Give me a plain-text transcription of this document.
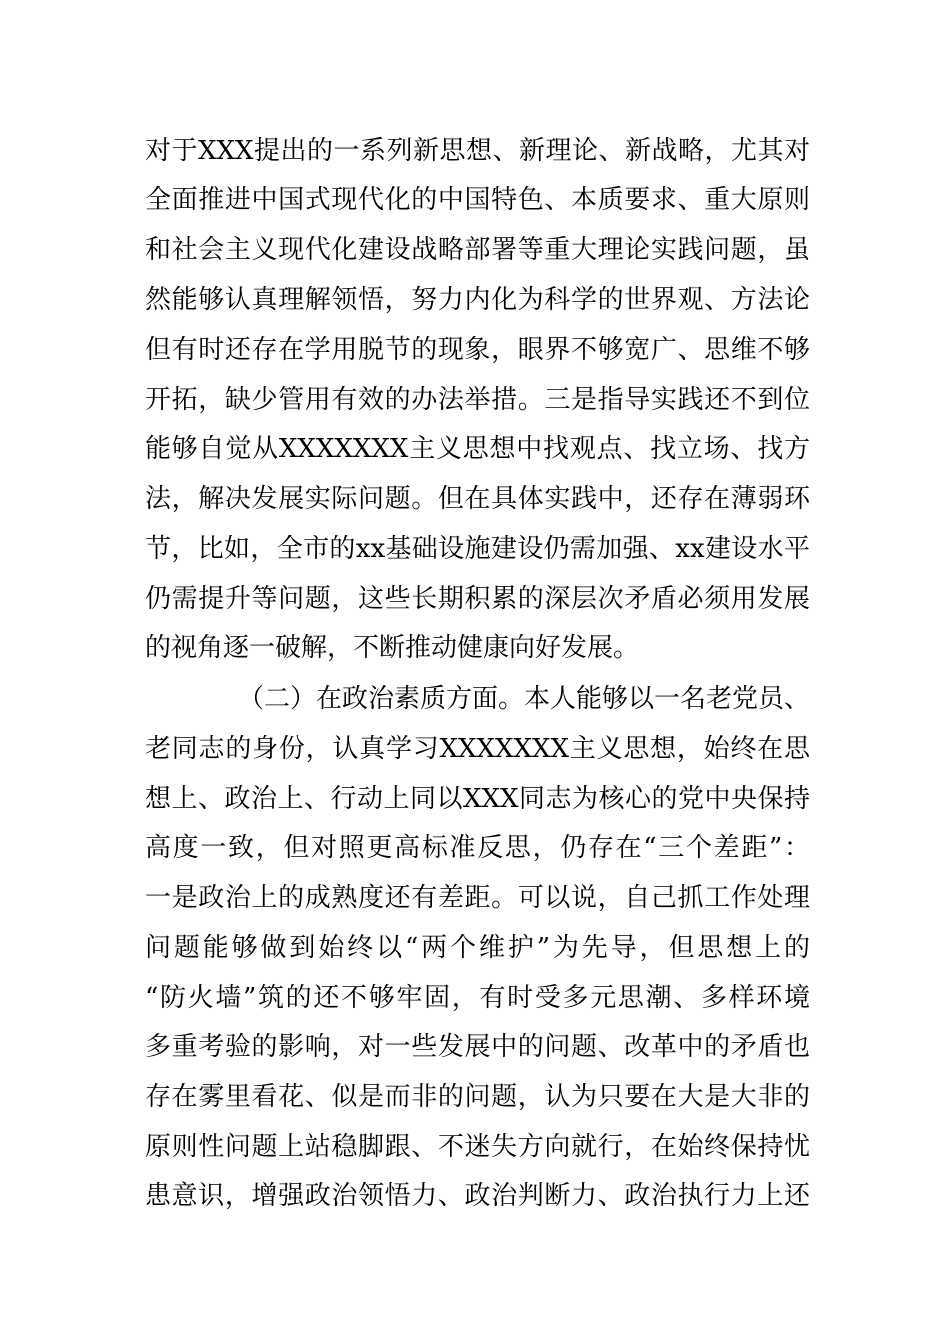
对于XXX提出的一系列新思想、新理论、新战略，尤其对
全面推进中国式现代化的中国特色、本质要求、重大原则
和社会主义现代化建设战略部署等重大理论实践问题，虽
然能够认真理解领悟，努力内化为科学的世界观、方法论
但有时还存在学用脱节的现象，眼界不够宽广、思维不够
开拓，缺少管用有效的办法举措。三是指导实践还不到位
能够自觉从XXXXXXX主义思想中找观点、找立场、找方
法，解决发展实际问题。但在具体实践中，还存在薄弱环
节，比如，全市的xx基础设施建设仍需加强、xx建设水平
仍需提升等问题，这些长期积累的深层次矛盾必须用发展
的视角逐一破解，不断推动健康向好发展。
（二）在政治素质方面。本人能够以一名老党员、
老同志的身份，认真学习XXXXXXX主义思想，始终在思
想上、政治上、行动上同以XXX同志为核心的党中央保持
高度一致，但对照更高标准反思，仍存在“三个差距”：
一是政治上的成熟度还有差距。可以说，自己抓工作处理
问题能够做到始终以“两个维护”为先导，但思想上的
“防火墙”筑的还不够牢固，有时受多元思潮、多样环境
多重考验的影响，对一些发展中的问题、改革中的矛盾也
存在雾里看花、似是而非的问题，认为只要在大是大非的
原则性问题上站稳脚跟、不迷失方向就行，在始终保持忧
患意识，增强政治领悟力、政治判断力、政治执行力上还
